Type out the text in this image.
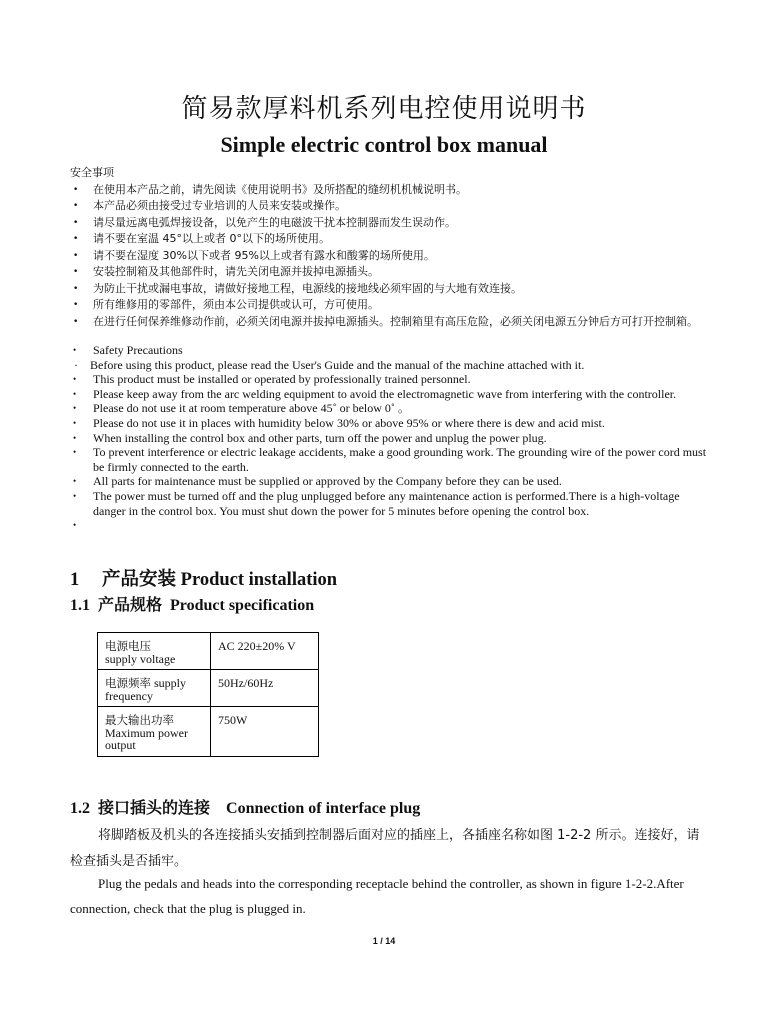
简易款厚料机系列电控使用说明书
Simple electric control box manual

安全事项

• 在使用本产品之前，请先阅读《使用说明书》及所搭配的缝纫机机械说明书。
• 本产品必须由接受过专业培训的人员来安装或操作。
• 请尽量远离电弧焊接设备，以免产生的电磁波干扰本控制器而发生误动作。
• 请不要在室温 45°以上或者 0°以下的场所使用。
• 请不要在湿度 30%以下或者 95%以上或者有露水和酸雾的场所使用。
• 安装控制箱及其他部件时，请先关闭电源并拔掉电源插头。
• 为防止干扰或漏电事故，请做好接地工程，电源线的接地线必须牢固的与大地有效连接。
• 所有维修用的零部件，须由本公司提供或认可，方可使用。
• 在进行任何保养维修动作前，必须关闭电源并拔掉电源插头。控制箱里有高压危险，必须关闭电源五分钟后方可打开控制箱。
• Safety Precautions
· Before using this product, please read the User's Guide and the manual of the machine attached with it.
• This product must be installed or operated by professionally trained personnel.
• Please keep away from the arc welding equipment to avoid the electromagnetic wave from interfering with the controller.
• Please do not use it at room temperature above 45˚ or below 0˚ 。
• Please do not use it in places with humidity below 30% or above 95% or where there is dew and acid mist.
• When installing the control box and other parts, turn off the power and unplug the power plug.
• To prevent interference or electric leakage accidents, make a good grounding work. The grounding wire of the power cord must be firmly connected to the earth.
• All parts for maintenance must be supplied or approved by the Company before they can be used.
• The power must be turned off and the plug unplugged before any maintenance action is performed.There is a high-voltage danger in the control box. You must shut down the power for 5 minutes before opening the control box.
•
1 产品安装 Product installation
1.1 产品规格 Product specification
电源电压
supply voltage	AC 220±20% V

电源频率 supply frequency	50Hz/60Hz

最大输出功率
Maximum power output	750W
1.2 接口插头的连接 Connection of interface plug
将脚踏板及机头的各连接插头安插到控制器后面对应的插座上，各插座名称如图 1-2-2 所示。连接好，请检查插头是否插牢。
Plug the pedals and heads into the corresponding receptacle behind the controller, as shown in figure 1-2-2.After connection, check that the plug is plugged in.
1 / 14
